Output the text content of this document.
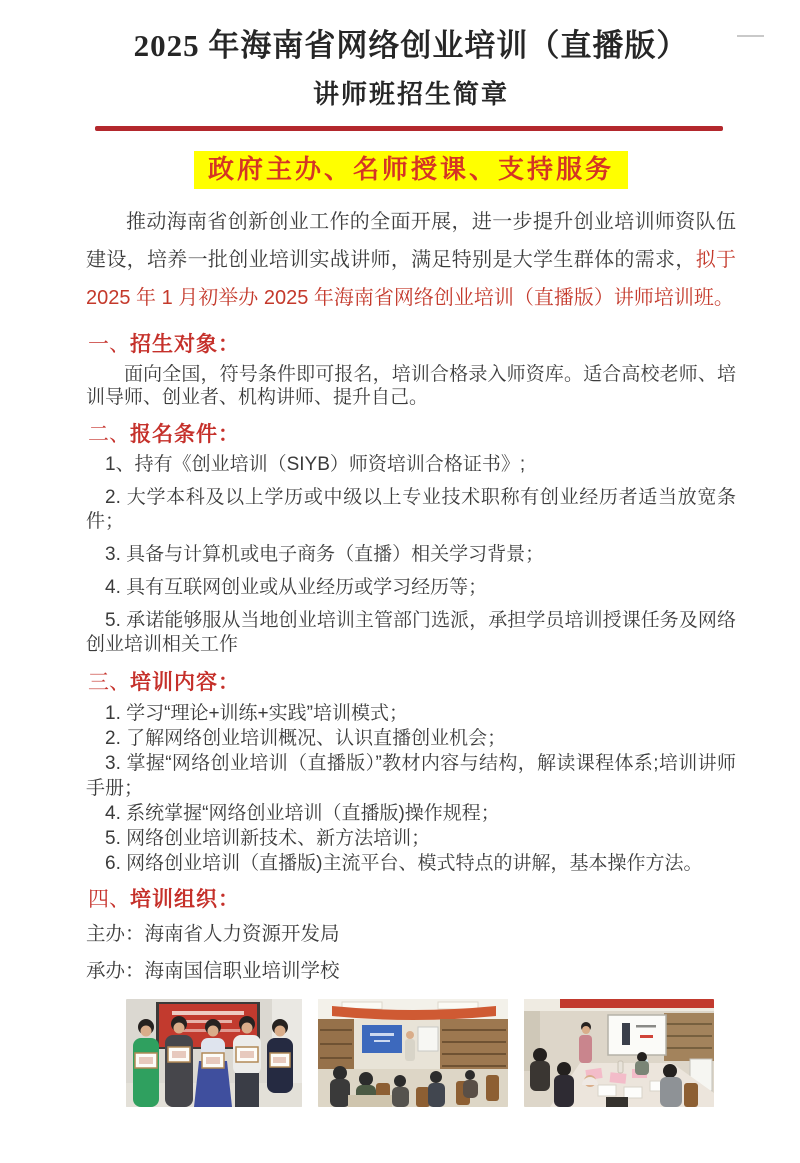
2025 年海南省网络创业培训（直播版）
讲师班招生简章
政府主办、名师授课、支持服务

推动海南省创新创业工作的全面开展，进一步提升创业培训师资队伍建设，培养一批创业培训实战讲师，满足特别是大学生群体的需求，拟于 2025 年 1 月初举办 2025 年海南省网络创业培训（直播版）讲师培训班。

一、招生对象：

面向全国，符号条件即可报名，培训合格录入师资库。适合高校老师、培训导师、创业者、机构讲师、提升自己。

二、报名条件：

1、持有《创业培训（SIYB）师资培训合格证书》;

2. 大学本科及以上学历或中级以上专业技术职称有创业经历者适当放宽条件；

3. 具备与计算机或电子商务（直播）相关学习背景；

4. 具有互联网创业或从业经历或学习经历等；

5. 承诺能够服从当地创业培训主管部门选派，承担学员培训授课任务及网络创业培训相关工作

三、培训内容：

1. 学习“理论+训练+实践”培训模式；

2. 了解网络创业培训概况、认识直播创业机会；

3. 掌握“网络创业培训（直播版）”教材内容与结构，解读课程体系;培训讲师手册；

4. 系统掌握“网络创业培训（直播版)操作规程；

5. 网络创业培训新技术、新方法培训；

6. 网络创业培训（直播版)主流平台、模式特点的讲解，基本操作方法。

四、培训组织：

主办：海南省人力资源开发局

承办：海南国信职业培训学校
